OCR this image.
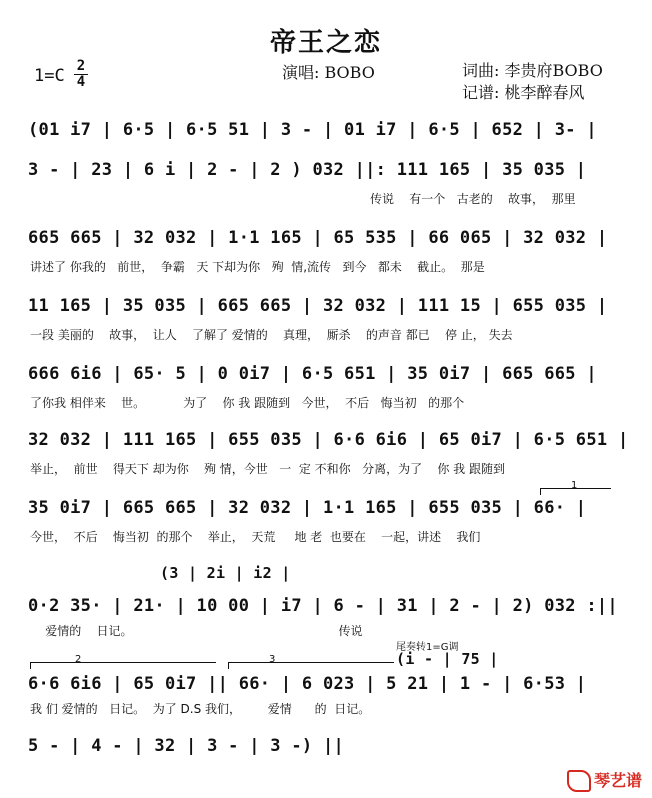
帝王之恋
演唱: BOBO	词曲: 李贵府BOBO
记谱: 桃李醉春风
1=C 2
4
(01 i7 | 6·5 | 6·5 51 | 3 - | 01 i7 | 6·5 | 652 | 3- |
3 - | 23 | 6 i | 2 - | 2 ) 032 ||: 111 165 | 35 035 |
传说    有一个   古老的    故事，  那里
665 665 | 32 032 | 1·1 165 | 65 535 | 66 065 | 32 032 |
讲述了 你我的   前世，  争霸   天 下却为你   殉  情,流传   到今   都未    截止。  那是
11 165 | 35 035 | 665 665 | 32 032 | 111 15 | 655 035 |
一段 美丽的    故事，  让人    了解了 爱情的    真理，  厮杀    的声音 都已    停 止， 失去
666 6i6 | 65· 5 | 0 0i7 | 6·5 651 | 35 0i7 | 665 665 |
了你我 相伴来    世。          为了    你 我 跟随到   今世，  不后   悔当初   的那个
32 032 | 111 165 | 655 035 | 6·6 6i6 | 65 0i7 | 6·5 651 |
举止，  前世    得天下 却为你    殉 情，今世   一  定 不和你   分离，为了    你 我 跟随到
1
35 0i7 | 665 665 | 32 032 | 1·1 165 | 655 035 | 66· |
今世，  不后    悔当初  的那个    举止，  天荒     地 老  也要在    一起，讲述    我们
(3 | 2i | i2 |
0·2 35· | 21· | 10 00 | i7 | 6 - | 31 | 2 - | 2) 032 :||
爱情的    日记。                                                      传说
尾奏转1=G调
2	3	(i - | 75 |
6·6 6i6 | 65 0i7 || 66· | 6 023 | 5 21 | 1 - | 6·53 |
我 们 爱情的   日记。  为了 D.S 我们，       爱情      的  日记。
5 - | 4 - | 32 | 3 - | 3 -) ||
琴艺谱
